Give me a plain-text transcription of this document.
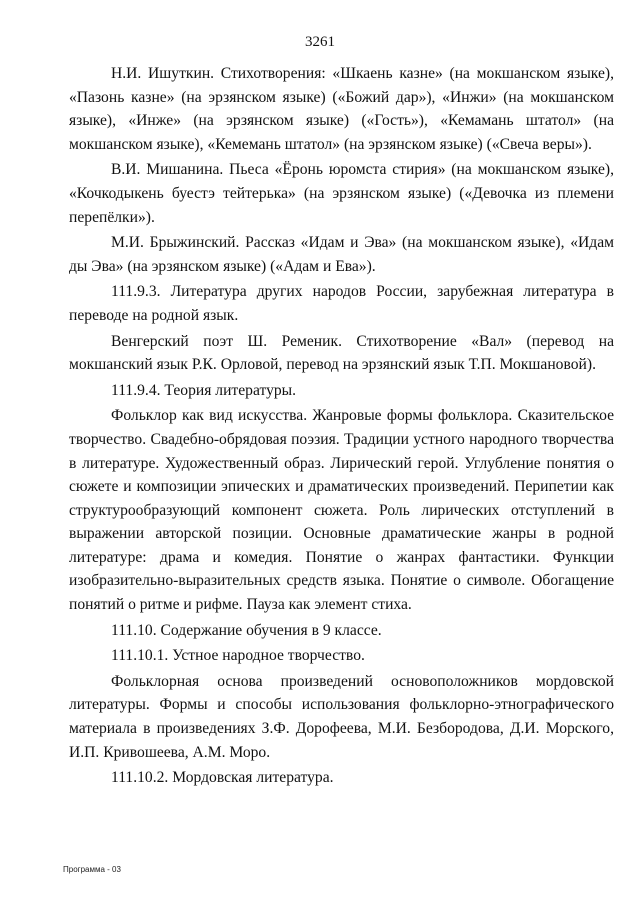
3261

Н.И. Ишуткин. Стихотворения: «Шкаень казне» (на мокшанском языке), «Пазонь казне» (на эрзянском языке) («Божий дар»), «Инжи» (на мокшанском языке), «Инже» (на эрзянском языке) («Гость»), «Кемамань штатол» (на мокшанском языке), «Кемемань штатол» (на эрзянском языке) («Свеча веры»).

В.И. Мишанина. Пьеса «Ёронь юромста стирия» (на мокшанском языке), «Кочкодыкень буестэ тейтерька» (на эрзянском языке) («Девочка из племени перепёлки»).

М.И. Брыжинский. Рассказ «Идам и Эва» (на мокшанском языке), «Идам ды Эва» (на эрзянском языке) («Адам и Ева»).

111.9.3. Литература других народов России, зарубежная литература в переводе на родной язык.

Венгерский поэт Ш. Ременик. Стихотворение «Вал» (перевод на мокшанский язык Р.К. Орловой, перевод на эрзянский язык Т.П. Мокшановой).

111.9.4. Теория литературы.

Фольклор как вид искусства. Жанровые формы фольклора. Сказительское творчество. Свадебно-обрядовая поэзия. Традиции устного народного творчества в литературе. Художественный образ. Лирический герой. Углубление понятия о сюжете и композиции эпических и драматических произведений. Перипетии как структурообразующий компонент сюжета. Роль лирических отступлений в выражении авторской позиции. Основные драматические жанры в родной литературе: драма и комедия. Понятие о жанрах фантастики. Функции изобразительно-выразительных средств языка. Понятие о символе. Обогащение понятий о ритме и рифме. Пауза как элемент стиха.

111.10. Содержание обучения в 9 классе.

111.10.1. Устное народное творчество.

Фольклорная основа произведений основоположников мордовской литературы. Формы и способы использования фольклорно-этнографического материала в произведениях З.Ф. Дорофеева, М.И. Безбородова, Д.И. Морского, И.П. Кривошеева, А.М. Моро.

111.10.2. Мордовская литература.

Программа - 03
